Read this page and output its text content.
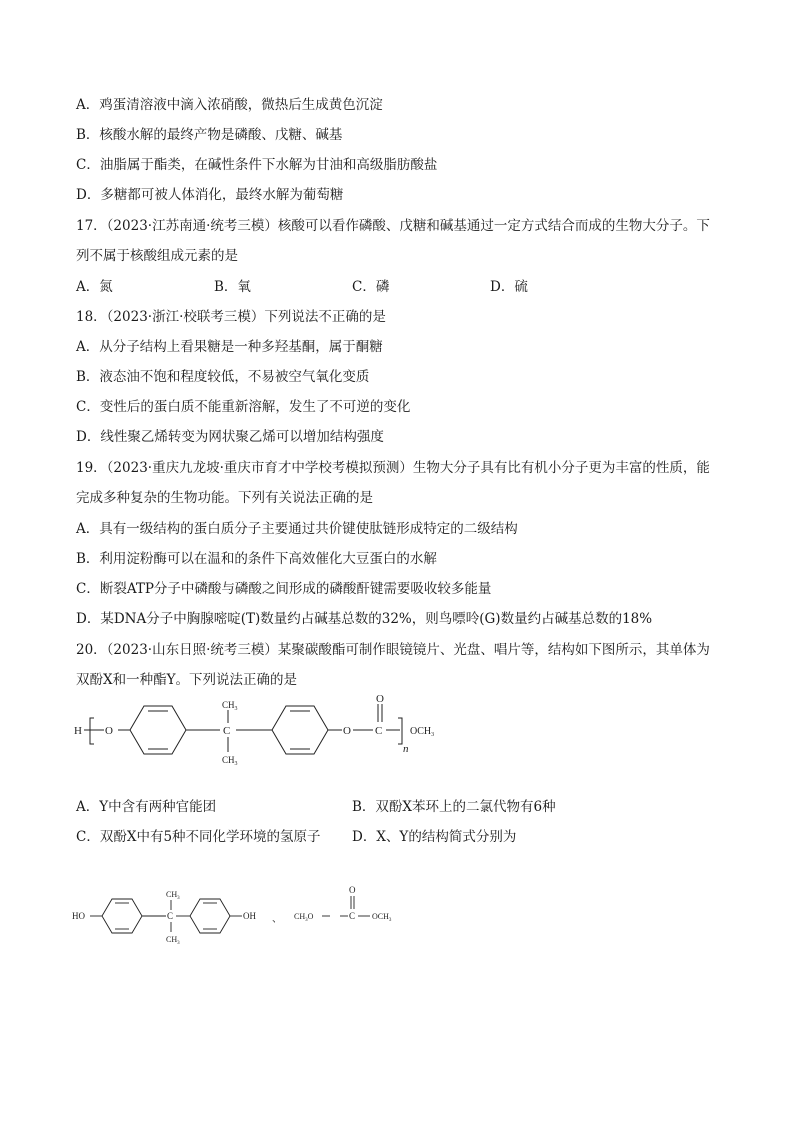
A．鸡蛋清溶液中滴入浓硝酸，微热后生成黄色沉淀
B．核酸水解的最终产物是磷酸、戊糖、碱基
C．油脂属于酯类，在碱性条件下水解为甘油和高级脂肪酸盐
D．多糖都可被人体消化，最终水解为葡萄糖
17．（2023·江苏南通·统考三模）核酸可以看作磷酸、戊糖和碱基通过一定方式结合而成的生物大分子。下
列不属于核酸组成元素的是
A．氮	B．氧	C．磷	D．硫
18．（2023·浙江·校联考三模）下列说法不正确的是
A．从分子结构上看果糖是一种多羟基酮，属于酮糖
B．液态油不饱和程度较低，不易被空气氧化变质
C．变性后的蛋白质不能重新溶解，发生了不可逆的变化
D．线性聚乙烯转变为网状聚乙烯可以增加结构强度
19．（2023·重庆九龙坡·重庆市育才中学校考模拟预测）生物大分子具有比有机小分子更为丰富的性质，能
完成多种复杂的生物功能。下列有关说法正确的是
A．具有一级结构的蛋白质分子主要通过共价键使肽链形成特定的二级结构
B．利用淀粉酶可以在温和的条件下高效催化大豆蛋白的水解
C．断裂ATP分子中磷酸与磷酸之间形成的磷酸酐键需要吸收较多能量
D．某DNA分子中胸腺嘧啶(T)数量约占碱基总数的32%，则鸟嘌呤(G)数量约占碱基总数的18%
20．（2023·山东日照·统考三模）某聚碳酸酯可制作眼镜镜片、光盘、唱片等，结构如下图所示，其单体为
双酚X和一种酯Y。下列说法正确的是
H O
$CH_3$
C
$CH_3$
O
O
C
n
$OCH_3$
A．Y中含有两种官能团	B．双酚X苯环上的二氯代物有6种
C．双酚X中有5种不同化学环境的氢原子 D．X、Y的结构简式分别为
HO
$CH_3$
C
$CH_3$
OH 、 $CH_3O$
O
C $OCH_3$
